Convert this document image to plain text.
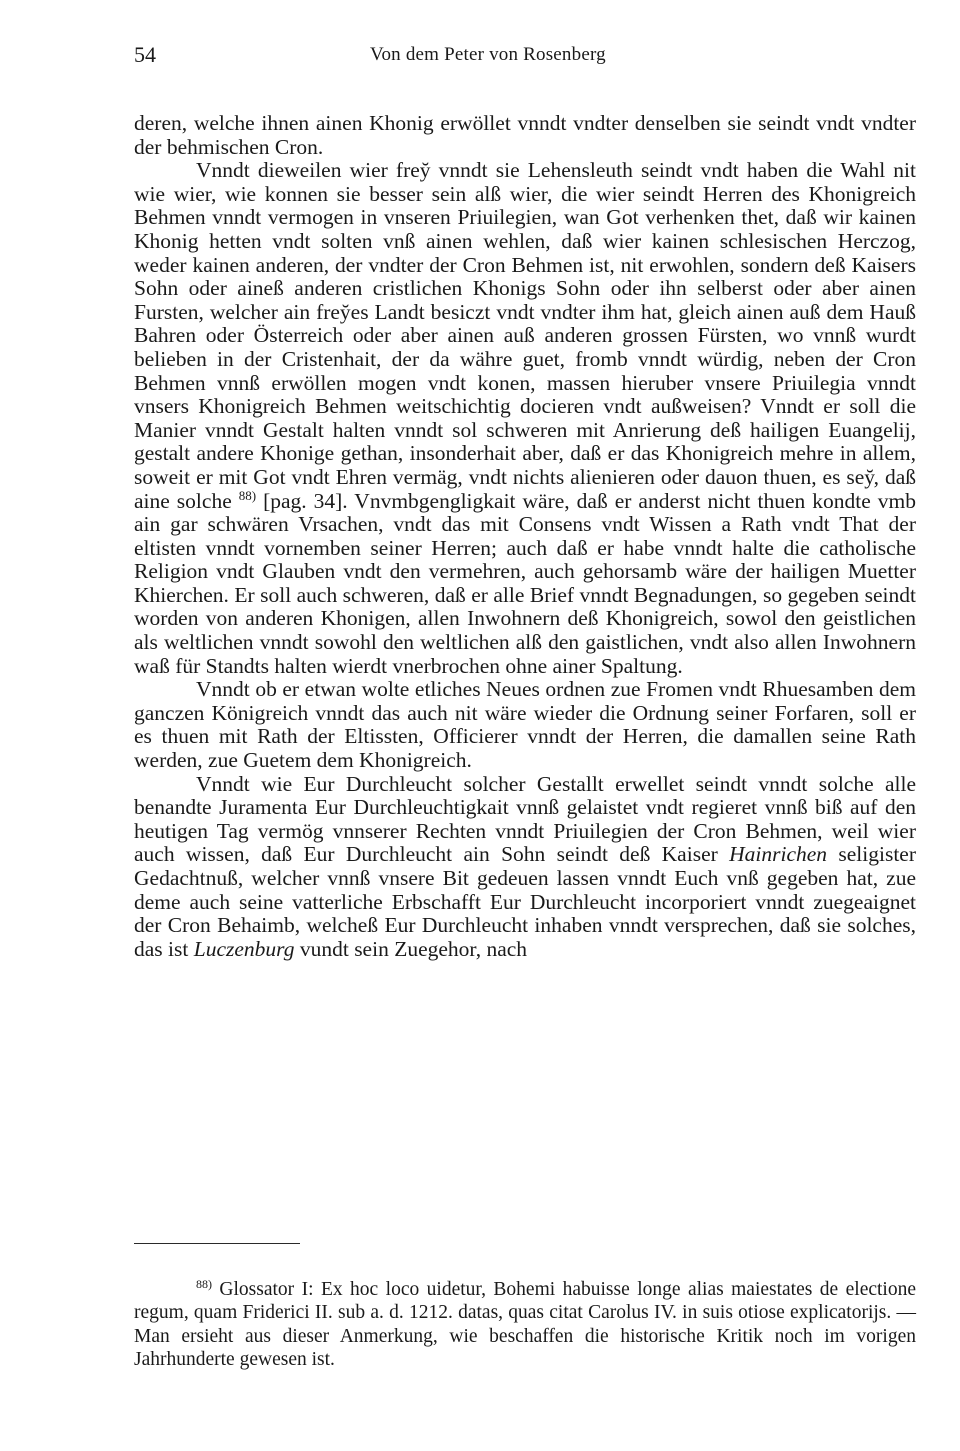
54	Von dem Peter von Rosenberg

deren, welche ihnen ainen Khonig erwöllet vnndt vndter denselben sie seindt vndt vndter der behmischen Cron.

Vnndt dieweilen wier frey̆ vnndt sie Lehensleuth seindt vndt haben die Wahl nit wie wier, wie konnen sie besser sein alß wier, die wier seindt Herren des Khonigreich Behmen vnndt vermogen in vnseren Priuilegien, wan Got verhenken thet, daß wir kainen Khonig hetten vndt solten vnß ainen wehlen, daß wier kainen schlesischen Herczog, weder kainen anderen, der vndter der Cron Behmen ist, nit erwohlen, sondern deß Kaisers Sohn oder aineß anderen cristlichen Khonigs Sohn oder ihn selberst oder aber ainen Fursten, welcher ain frey̆es Landt besiczt vndt vndter ihm hat, gleich ainen auß dem Hauß Bahren oder Österreich oder aber ainen auß anderen grossen Fürsten, wo vnnß wurdt belieben in der Cristenhait, der da währe guet, fromb vnndt würdig, neben der Cron Behmen vnnß erwöllen mogen vndt konen, massen hieruber vnsere Priuilegia vnndt vnsers Khonigreich Behmen weitschichtig docieren vndt außweisen? Vnndt er soll die Manier vnndt Gestalt halten vnndt sol schweren mit Anrierung deß hailigen Euangelij, gestalt andere Khonige gethan, insonderhait aber, daß er das Khonigreich mehre in allem, soweit er mit Got vndt Ehren vermäg, vndt nichts alienieren oder dauon thuen, es sey̆, daß aine solche $^{88)}$ [pag. 34]. Vnvmbgengligkait wäre, daß er anderst nicht thuen kondte vmb ain gar schwären Vrsachen, vndt das mit Consens vndt Wissen a Rath vndt That der eltisten vnndt vornemben seiner Herren; auch daß er habe vnndt halte die catholische Religion vndt Glauben vndt den vermehren, auch gehorsamb wäre der hailigen Muetter Khierchen. Er soll auch schweren, daß er alle Brief vnndt Begnadungen, so gegeben seindt worden von anderen Khonigen, allen Inwohnern deß Khonigreich, sowol den geistlichen als weltlichen vnndt sowohl den weltlichen alß den gaistlichen, vndt also allen Inwohnern waß für Standts halten wierdt vnerbrochen ohne ainer Spaltung.

Vnndt ob er etwan wolte etliches Neues ordnen zue Fromen vndt Rhuesamben dem ganczen Königreich vnndt das auch nit wäre wieder die Ordnung seiner Forfaren, soll er es thuen mit Rath der Eltissten, Officierer vnndt der Herren, die damallen seine Rath werden, zue Guetem dem Khonigreich.

Vnndt wie Eur Durchleucht solcher Gestallt erwellet seindt vnndt solche alle benandte Juramenta Eur Durchleuchtigkait vnnß gelaistet vndt regieret vnnß biß auf den heutigen Tag vermög vnnserer Rechten vnndt Priuilegien der Cron Behmen, weil wier auch wissen, daß Eur Durchleucht ain Sohn seindt deß Kaiser Hainrichen seligister Gedachtnuß, welcher vnnß vnsere Bit gedeuen lassen vnndt Euch vnß gegeben hat, zue deme auch seine vatterliche Erbschafft Eur Durchleucht incorporiert vnndt zuegeaignet der Cron Behaimb, welcheß Eur Durchleucht inhaben vnndt versprechen, daß sie solches, das ist Luczenburg vundt sein Zuegehor, nach

$^{88)}$ Glossator I: Ex hoc loco uidetur, Bohemi habuisse longe alias maiestates de electione regum, quam Friderici II. sub a. d. 1212. datas, quas citat Carolus IV. in suis otiose explicatorijs. — Man ersieht aus dieser Anmerkung, wie beschaffen die historische Kritik noch im vorigen Jahrhunderte gewesen ist.
